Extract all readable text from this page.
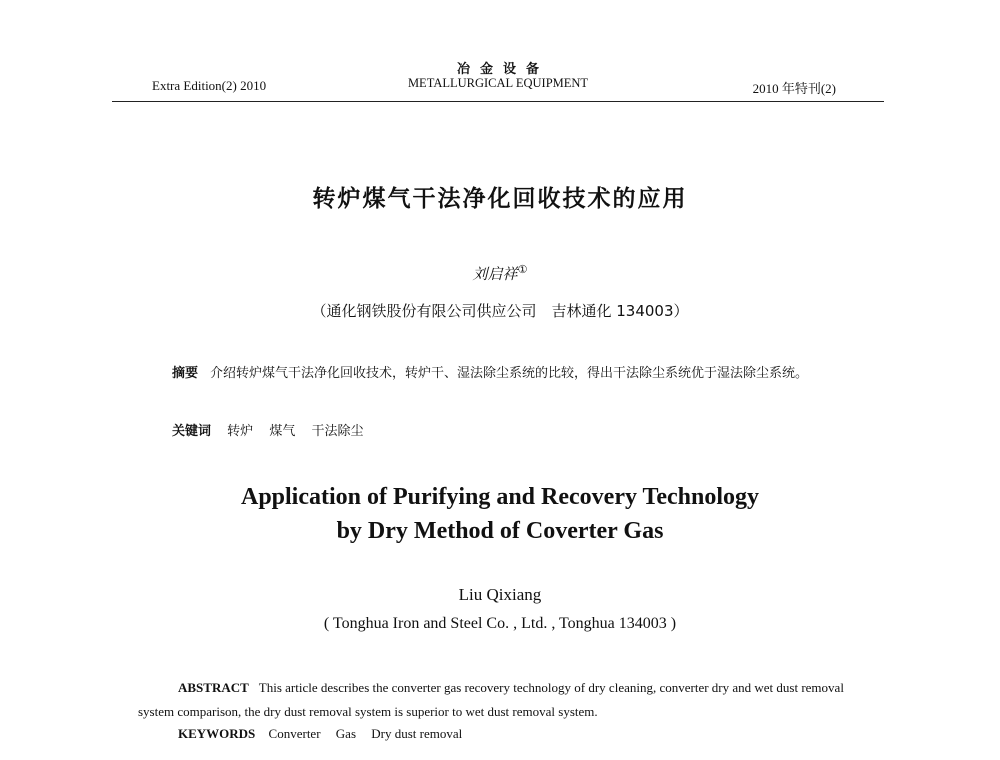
Extra Edition(2) 2010
冶金设备
METALLURGICAL EQUIPMENT	2010 年特刊(2)
转炉煤气干法净化回收技术的应用
刘启祥①
（通化钢铁股份有限公司供应公司　吉林通化 134003）
摘要 介绍转炉煤气干法净化回收技术，转炉干、湿法除尘系统的比较，得出干法除尘系统优于湿法除尘系统。
关键词 转炉 煤气 干法除尘
Application of Purifying and Recovery Technology
by Dry Method of Coverter Gas
Liu Qixiang
( Tonghua Iron and Steel Co. , Ltd. , Tonghua 134003 )
ABSTRACT This article describes the converter gas recovery technology of dry cleaning, converter dry and wet dust removal system comparison, the dry dust removal system is superior to wet dust removal system.
KEYWORDS Converter Gas Dry dust removal
